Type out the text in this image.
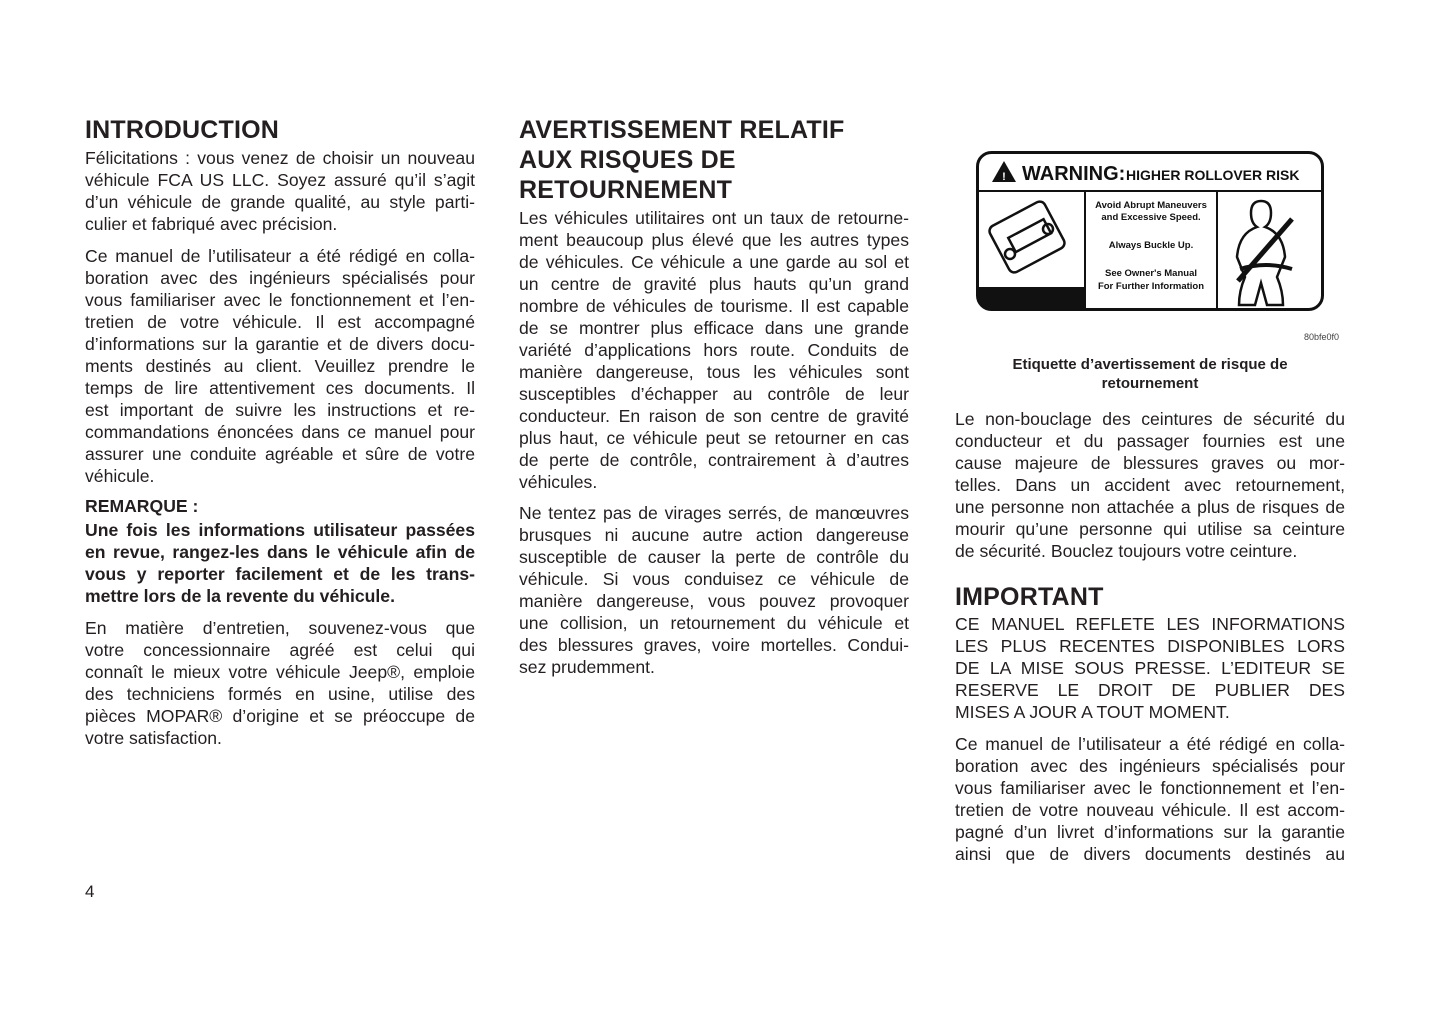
INTRODUCTION
Félicitations : vous venez de choisir un nouveau
véhicule FCA US LLC. Soyez assuré qu’il s’agit
d’un véhicule de grande qualité, au style parti-
culier et fabriqué avec précision.
Ce manuel de l’utilisateur a été rédigé en colla-
boration avec des ingénieurs spécialisés pour
vous familiariser avec le fonctionnement et l’en-
tretien de votre véhicule. Il est accompagné
d’informations sur la garantie et de divers docu-
ments destinés au client. Veuillez prendre le
temps de lire attentivement ces documents. Il
est important de suivre les instructions et re-
commandations énoncées dans ce manuel pour
assurer une conduite agréable et sûre de votre
véhicule.
REMARQUE :
Une fois les informations utilisateur passées
en revue, rangez-les dans le véhicule afin de
vous y reporter facilement et de les trans-
mettre lors de la revente du véhicule.
En matière d’entretien, souvenez-vous que
votre concessionnaire agréé est celui qui
connaît le mieux votre véhicule Jeep®, emploie
des techniciens formés en usine, utilise des
pièces MOPAR® d’origine et se préoccupe de
votre satisfaction.
AVERTISSEMENT RELATIF
AUX RISQUES DE
RETOURNEMENT
Les véhicules utilitaires ont un taux de retourne-
ment beaucoup plus élevé que les autres types
de véhicules. Ce véhicule a une garde au sol et
un centre de gravité plus hauts qu’un grand
nombre de véhicules de tourisme. Il est capable
de se montrer plus efficace dans une grande
variété d’applications hors route. Conduits de
manière dangereuse, tous les véhicules sont
susceptibles d’échapper au contrôle de leur
conducteur. En raison de son centre de gravité
plus haut, ce véhicule peut se retourner en cas
de perte de contrôle, contrairement à d’autres
véhicules.
Ne tentez pas de virages serrés, de manœuvres
brusques ni aucune autre action dangereuse
susceptible de causer la perte de contrôle du
véhicule. Si vous conduisez ce véhicule de
manière dangereuse, vous pouvez provoquer
une collision, un retournement du véhicule et
des blessures graves, voire mortelles. Condui-
sez prudemment.
! WARNING: HIGHER ROLLOVER RISK
Avoid Abrupt Maneuvers
and Excessive Speed.
Always Buckle Up.
See Owner's Manual
For Further Information
80bfe0f0
Etiquette d’avertissement de risque de
retournement
Le non-bouclage des ceintures de sécurité du
conducteur et du passager fournies est une
cause majeure de blessures graves ou mor-
telles. Dans un accident avec retournement,
une personne non attachée a plus de risques de
mourir qu’une personne qui utilise sa ceinture
de sécurité. Bouclez toujours votre ceinture.
IMPORTANT
CE MANUEL REFLETE LES INFORMATIONS
LES PLUS RECENTES DISPONIBLES LORS
DE LA MISE SOUS PRESSE. L’EDITEUR SE
RESERVE LE DROIT DE PUBLIER DES
MISES A JOUR A TOUT MOMENT.
Ce manuel de l’utilisateur a été rédigé en colla-
boration avec des ingénieurs spécialisés pour
vous familiariser avec le fonctionnement et l’en-
tretien de votre nouveau véhicule. Il est accom-
pagné d’un livret d’informations sur la garantie
ainsi que de divers documents destinés au
4
